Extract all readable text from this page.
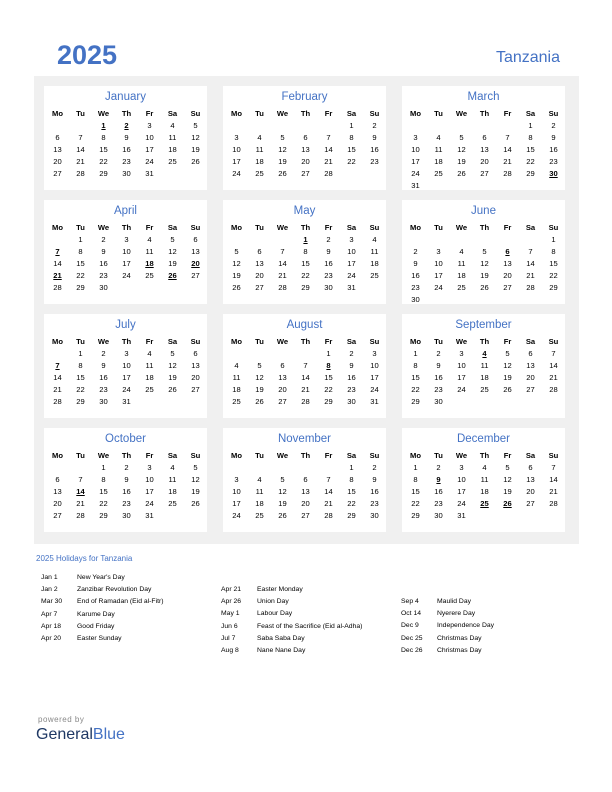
2025	Tanzania
January
Mo	Tu	We	Th	Fr	Sa	Su
		1	2	3	4	5
6	7	8	9	10	11	12
13	14	15	16	17	18	19
20	21	22	23	24	25	26
27	28	29	30	31		
February
Mo	Tu	We	Th	Fr	Sa	Su
					1	2
3	4	5	6	7	8	9
10	11	12	13	14	15	16
17	18	19	20	21	22	23
24	25	26	27	28		
March
Mo	Tu	We	Th	Fr	Sa	Su
					1	2
3	4	5	6	7	8	9
10	11	12	13	14	15	16
17	18	19	20	21	22	23
24	25	26	27	28	29	30
31						
April
Mo	Tu	We	Th	Fr	Sa	Su
	1	2	3	4	5	6
7	8	9	10	11	12	13
14	15	16	17	18	19	20
21	22	23	24	25	26	27
28	29	30				
May
Mo	Tu	We	Th	Fr	Sa	Su
			1	2	3	4
5	6	7	8	9	10	11
12	13	14	15	16	17	18
19	20	21	22	23	24	25
26	27	28	29	30	31	
June
Mo	Tu	We	Th	Fr	Sa	Su
						1
2	3	4	5	6	7	8
9	10	11	12	13	14	15
16	17	18	19	20	21	22
23	24	25	26	27	28	29
30						
July
Mo	Tu	We	Th	Fr	Sa	Su
	1	2	3	4	5	6
7	8	9	10	11	12	13
14	15	16	17	18	19	20
21	22	23	24	25	26	27
28	29	30	31			
August
Mo	Tu	We	Th	Fr	Sa	Su
				1	2	3
4	5	6	7	8	9	10
11	12	13	14	15	16	17
18	19	20	21	22	23	24
25	26	27	28	29	30	31
September
Mo	Tu	We	Th	Fr	Sa	Su
1	2	3	4	5	6	7
8	9	10	11	12	13	14
15	16	17	18	19	20	21
22	23	24	25	26	27	28
29	30					
October
Mo	Tu	We	Th	Fr	Sa	Su
		1	2	3	4	5
6	7	8	9	10	11	12
13	14	15	16	17	18	19
20	21	22	23	24	25	26
27	28	29	30	31		
November
Mo	Tu	We	Th	Fr	Sa	Su
					1	2
3	4	5	6	7	8	9
10	11	12	13	14	15	16
17	18	19	20	21	22	23
24	25	26	27	28	29	30
December
Mo	Tu	We	Th	Fr	Sa	Su
1	2	3	4	5	6	7
8	9	10	11	12	13	14
15	16	17	18	19	20	21
22	23	24	25	26	27	28
29	30	31				
2025 Holidays for Tanzania
Jan 1	New Year's Day
Jan 2	Zanzibar Revolution Day
Mar 30 End of Ramadan (Eid al-Fitr)
Apr 7	Karume Day
Apr 18 Good Friday
Apr 20 Easter Sunday
Apr 21 Easter Monday
Apr 26 Union Day
May 1	Labour Day
Jun 6	Feast of the Sacrifice (Eid al-Adha)
Jul 7	Saba Saba Day
Aug 8	Nane Nane Day
Sep 4	Maulid Day
Oct 14 Nyerere Day
Dec 9	Independence Day
Dec 25 Christmas Day
Dec 26 Christmas Day
powered by
GeneralBlue
